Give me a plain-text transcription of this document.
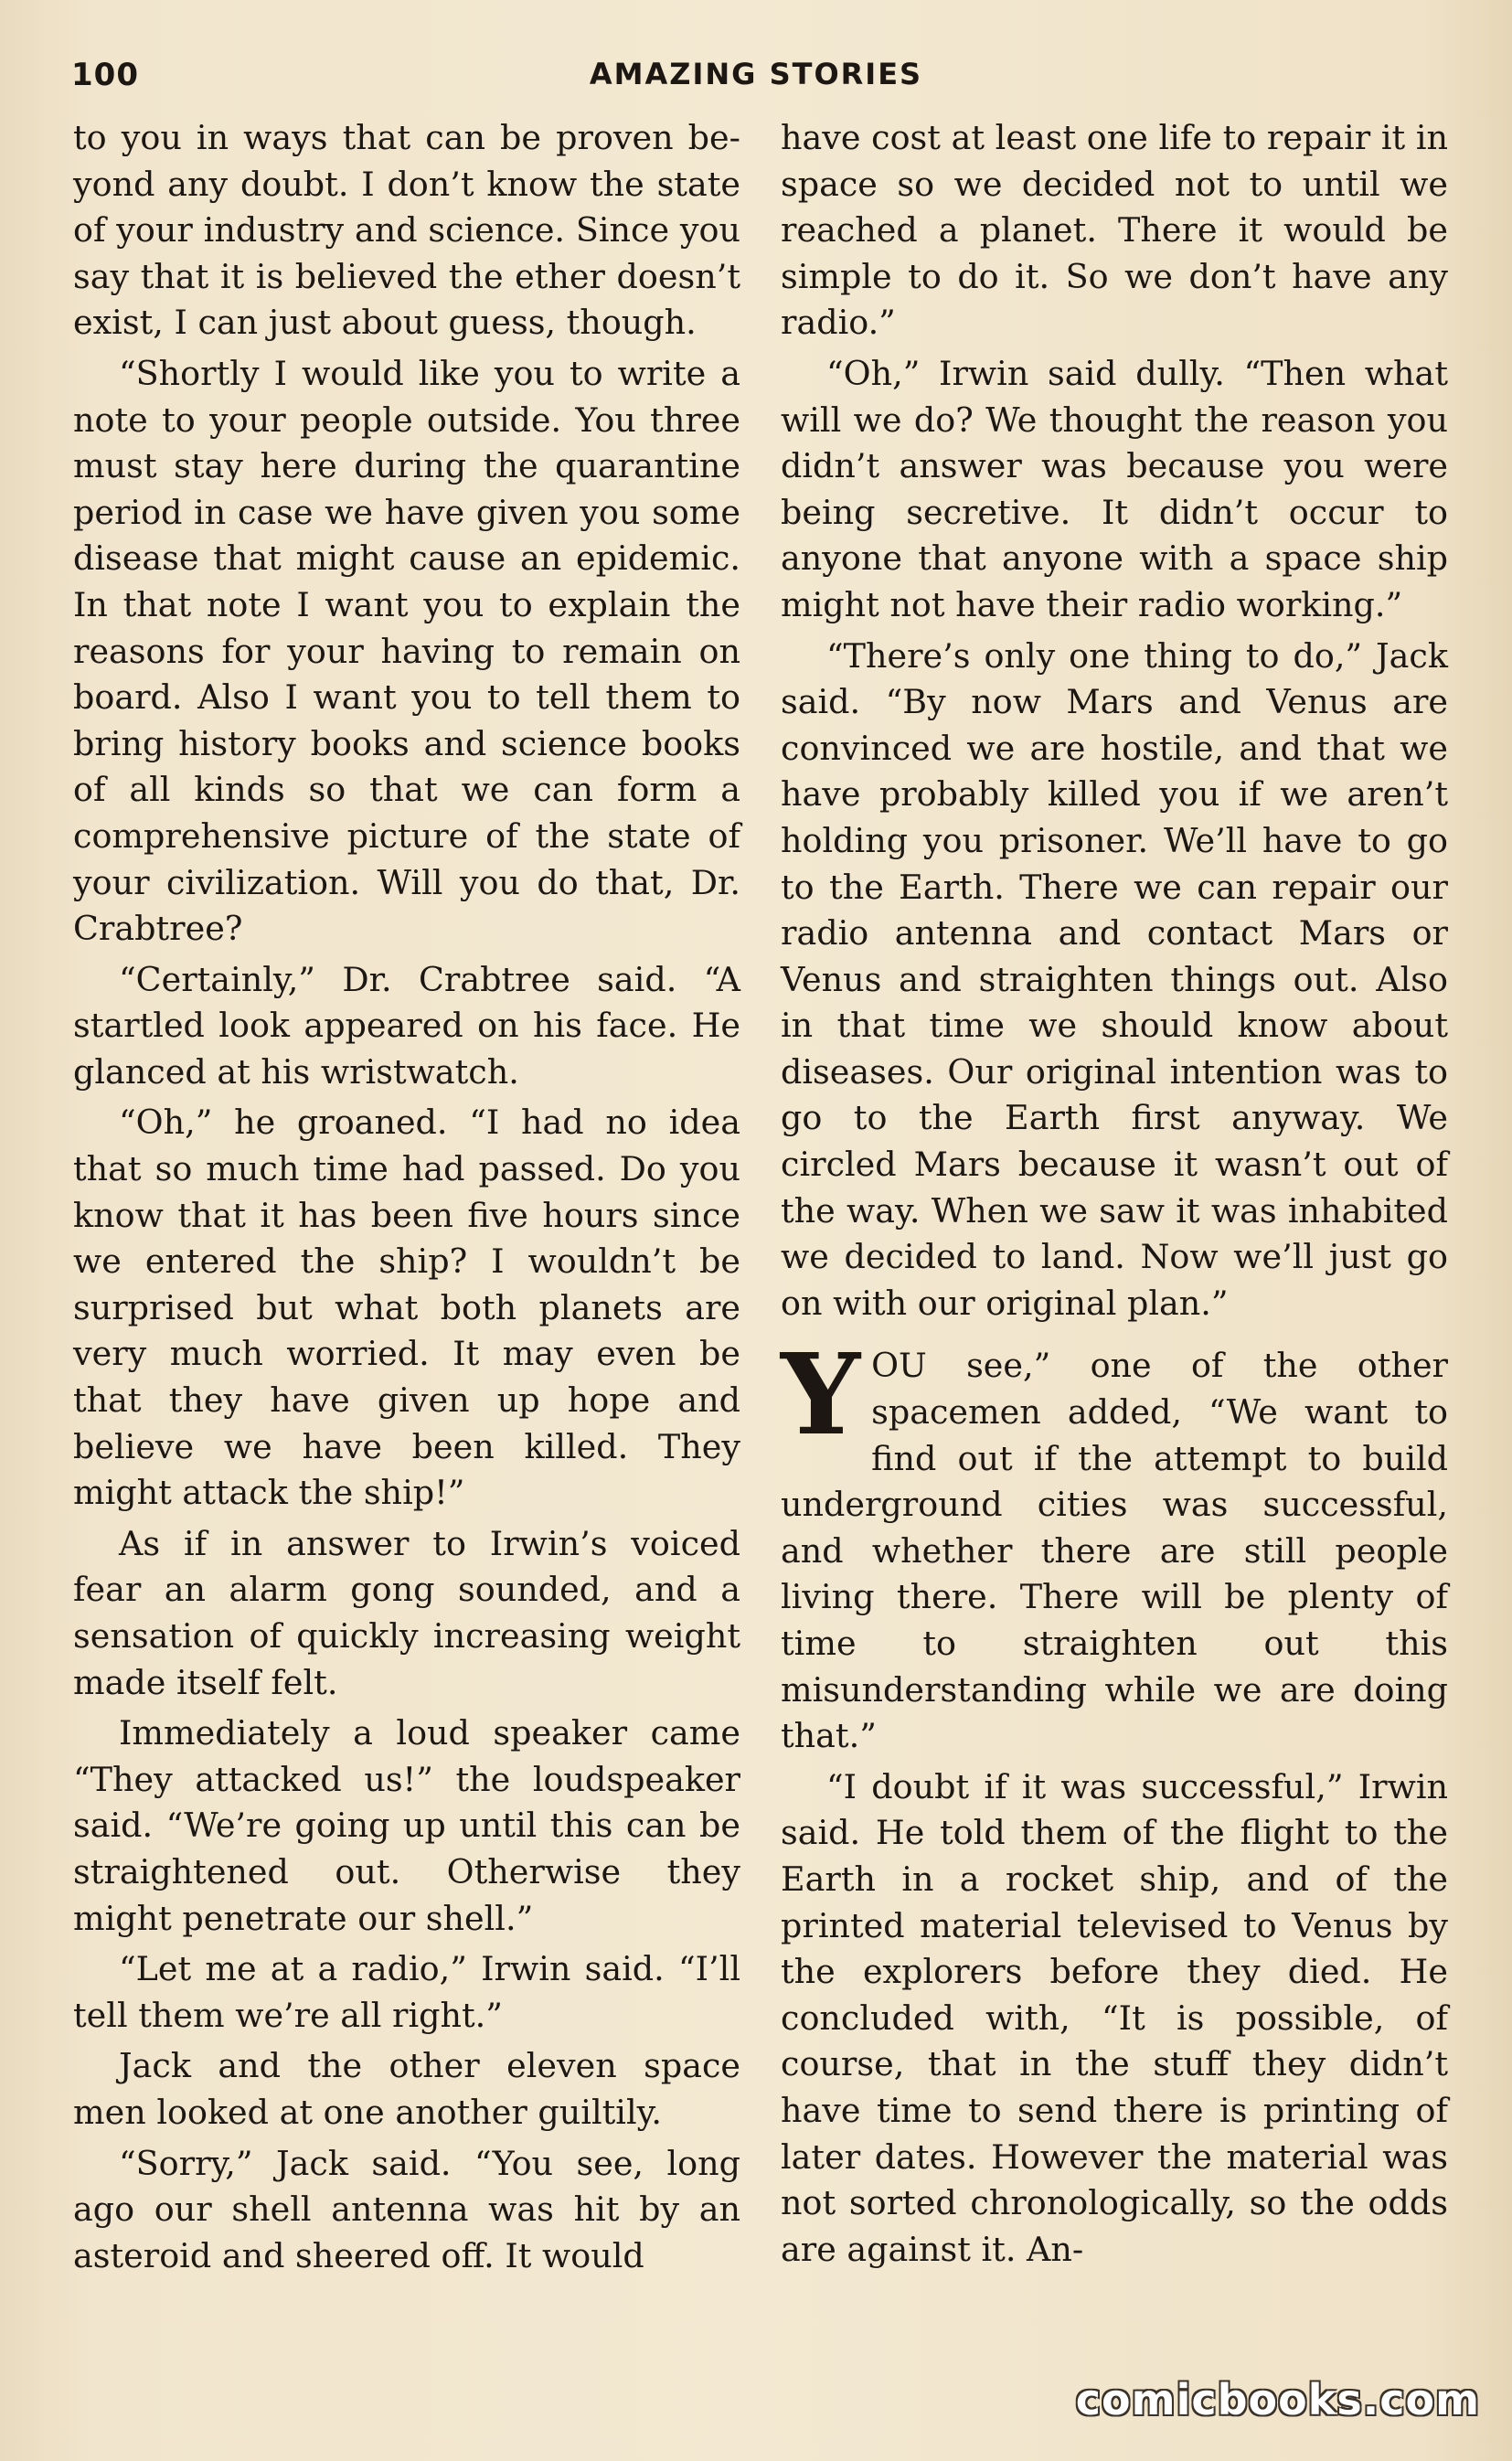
100	AMAZING STORIES

to you in ways that can be proven beyond any doubt. I don’t know the state of your industry and science. Since you say that it is believed the ether doesn’t exist, I can just about guess, though.

“Shortly I would like you to write a note to your people outside. You three must stay here during the quarantine period in case we have given you some disease that might cause an epidemic. In that note I want you to explain the reasons for your having to remain on board. Also I want you to tell them to bring history books and science books of all kinds so that we can form a comprehensive picture of the state of your civilization. Will you do that, Dr. Crabtree?

“Certainly,” Dr. Crabtree said. “A startled look appeared on his face. He glanced at his wristwatch.

“Oh,” he groaned. “I had no idea that so much time had passed. Do you know that it has been five hours since we entered the ship? I wouldn’t be surprised but what both planets are very much worried. It may even be that they have given up hope and believe we have been killed. They might attack the ship!”

As if in answer to Irwin’s voiced fear an alarm gong sounded, and a sensation of quickly increasing weight made itself felt.

Immediately a loud speaker came “They attacked us!” the loudspeaker said. “We’re going up until this can be straightened out. Otherwise they might penetrate our shell.”

“Let me at a radio,” Irwin said. “I’ll tell them we’re all right.”

Jack and the other eleven space men looked at one another guiltily.

“Sorry,” Jack said. “You see, long ago our shell antenna was hit by an asteroid and sheered off. It would

have cost at least one life to repair it in space so we decided not to until we reached a planet. There it would be simple to do it. So we don’t have any radio.”

“Oh,” Irwin said dully. “Then what will we do? We thought the reason you didn’t answer was because you were being secretive. It didn’t occur to anyone that anyone with a space ship might not have their radio working.”

“There’s only one thing to do,” Jack said. “By now Mars and Venus are convinced we are hostile, and that we have probably killed you if we aren’t holding you prisoner. We’ll have to go to the Earth. There we can repair our radio antenna and contact Mars or Venus and straighten things out. Also in that time we should know about diseases. Our original intention was to go to the Earth first anyway. We circled Mars because it wasn’t out of the way. When we saw it was inhabited we decided to land. Now we’ll just go on with our original plan.”

YOU see,” one of the other spacemen added, “We want to find out if the attempt to build underground cities was successful, and whether there are still people living there. There will be plenty of time to straighten out this misunderstanding while we are doing that.”

“I doubt if it was successful,” Irwin said. He told them of the flight to the Earth in a rocket ship, and of the printed material televised to Venus by the explorers before they died. He concluded with, “It is possible, of course, that in the stuff they didn’t have time to send there is printing of later dates. However the material was not sorted chronologically, so the odds are against it. An-

comicbooks.com
